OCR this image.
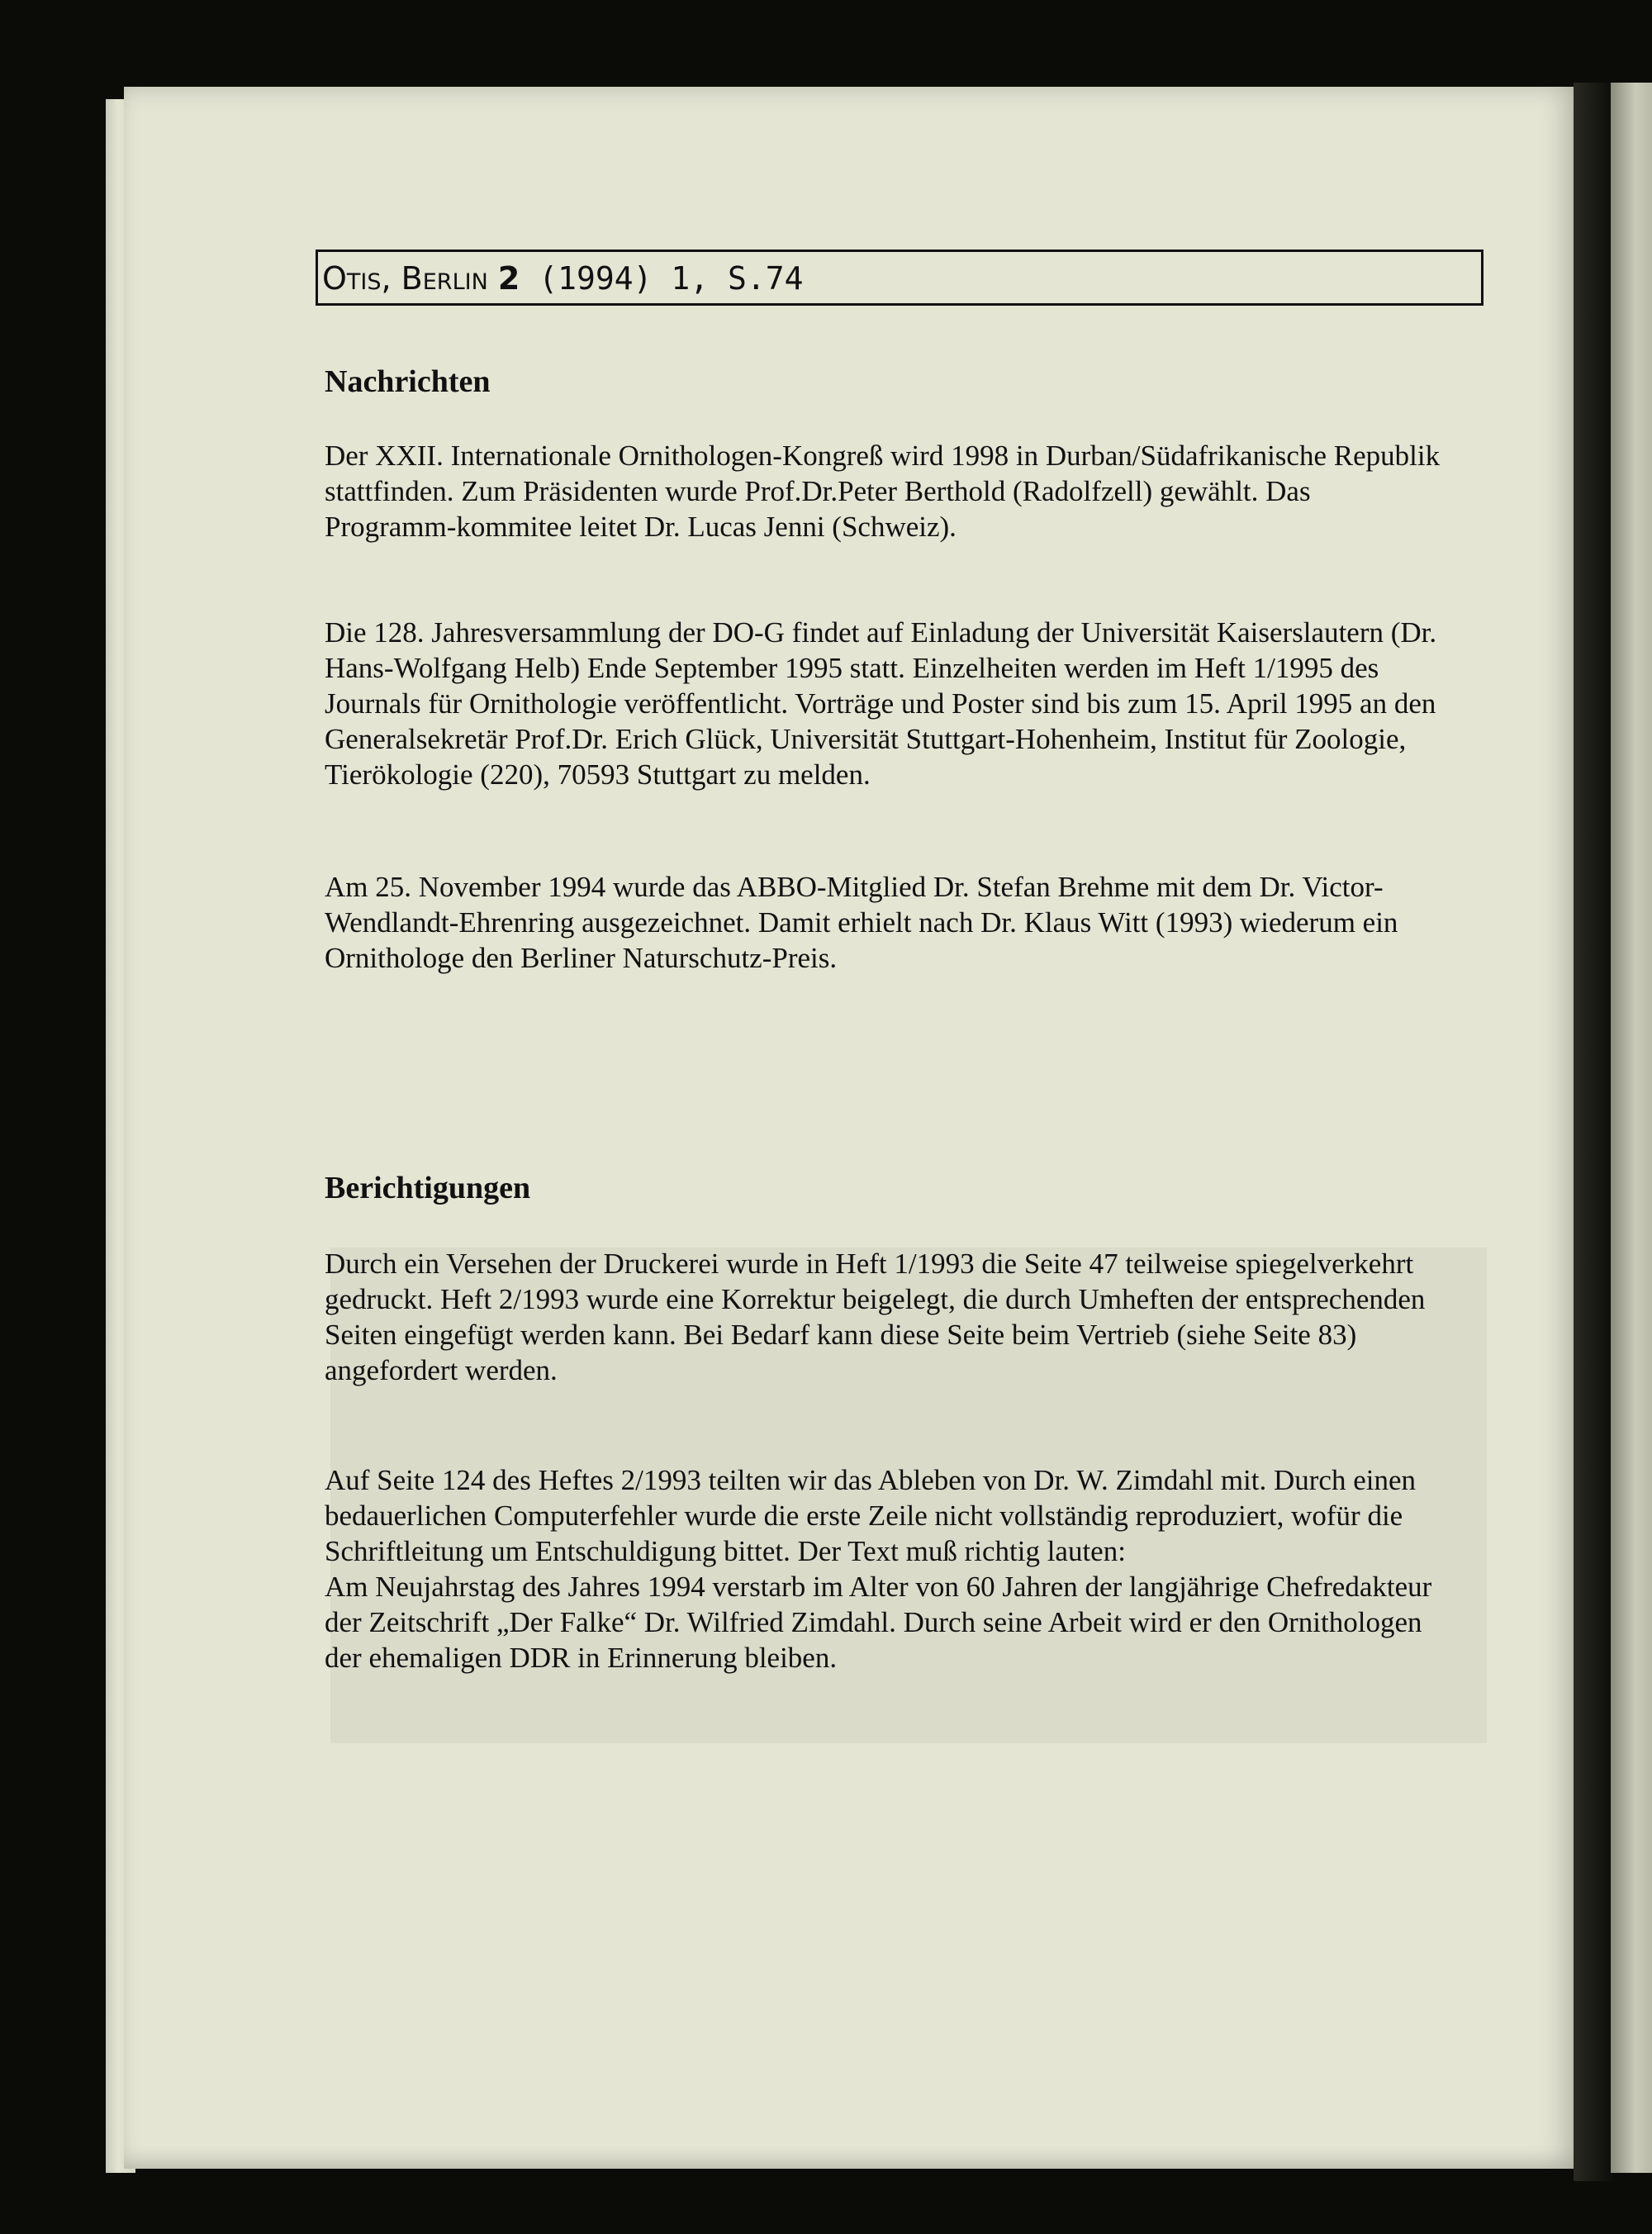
Otis, Berlin 2 (1994) 1, S.74
Nachrichten

Der XXII. Internationale Ornithologen-Kongreß wird 1998 in Durban/Südafrikanische Republik
stattfinden. Zum Präsidenten wurde Prof.Dr.Peter Berthold (Radolfzell) gewählt. Das
Programm-kommitee leitet Dr. Lucas Jenni (Schweiz).

Die 128. Jahresversammlung der DO-G findet auf Einladung der Universität Kaiserslautern (Dr.
Hans-Wolfgang Helb) Ende September 1995 statt. Einzelheiten werden im Heft 1/1995 des
Journals für Ornithologie veröffentlicht. Vorträge und Poster sind bis zum 15. April 1995 an den
Generalsekretär Prof.Dr. Erich Glück, Universität Stuttgart-Hohenheim, Institut für Zoologie,
Tierökologie (220), 70593 Stuttgart zu melden.

Am 25. November 1994 wurde das ABBO-Mitglied Dr. Stefan Brehme mit dem Dr. Victor-
Wendlandt-Ehrenring ausgezeichnet. Damit erhielt nach Dr. Klaus Witt (1993) wiederum ein
Ornithologe den Berliner Naturschutz-Preis.

Berichtigungen

Durch ein Versehen der Druckerei wurde in Heft 1/1993 die Seite 47 teilweise spiegelverkehrt
gedruckt. Heft 2/1993 wurde eine Korrektur beigelegt, die durch Umheften der entsprechenden
Seiten eingefügt werden kann. Bei Bedarf kann diese Seite beim Vertrieb (siehe Seite 83)
angefordert werden.

Auf Seite 124 des Heftes 2/1993 teilten wir das Ableben von Dr. W. Zimdahl mit. Durch einen
bedauerlichen Computerfehler wurde die erste Zeile nicht vollständig reproduziert, wofür die
Schriftleitung um Entschuldigung bittet. Der Text muß richtig lauten:
Am Neujahrstag des Jahres 1994 verstarb im Alter von 60 Jahren der langjährige Chefredakteur
der Zeitschrift „Der Falke“ Dr. Wilfried Zimdahl. Durch seine Arbeit wird er den Ornithologen
der ehemaligen DDR in Erinnerung bleiben.
